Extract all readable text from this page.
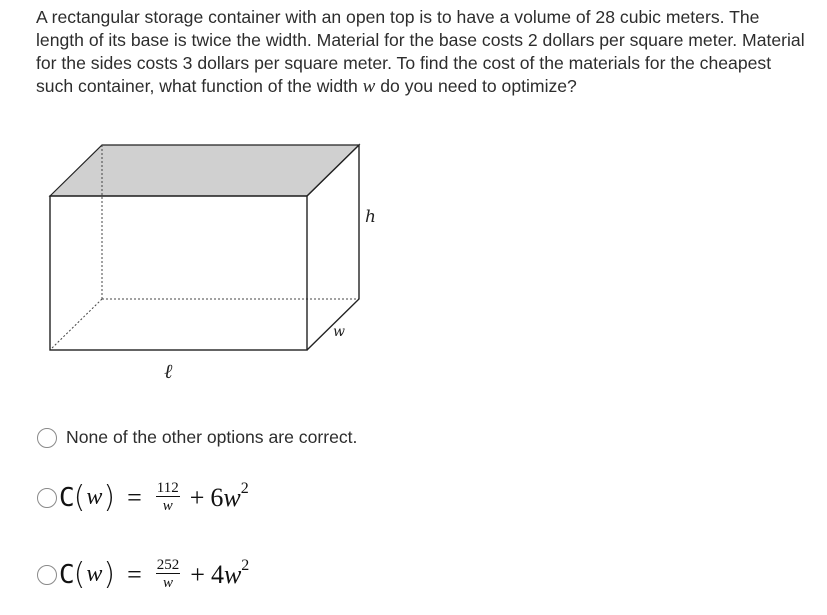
A rectangular storage container with an open top is to have a volume of 28 cubic meters. The length of its base is twice the width. Material for the base costs 2 dollars per square meter. Material for the sides costs 3 dollars per square meter. To find the cost of the materials for the cheapest such container, what function of the width w do you need to optimize?

h
w
ℓ
None of the other options are correct.
C ( w ) = $\frac{112}{w} + 6w^2$
C ( w ) = $\frac{252}{w} + 4w^2$
